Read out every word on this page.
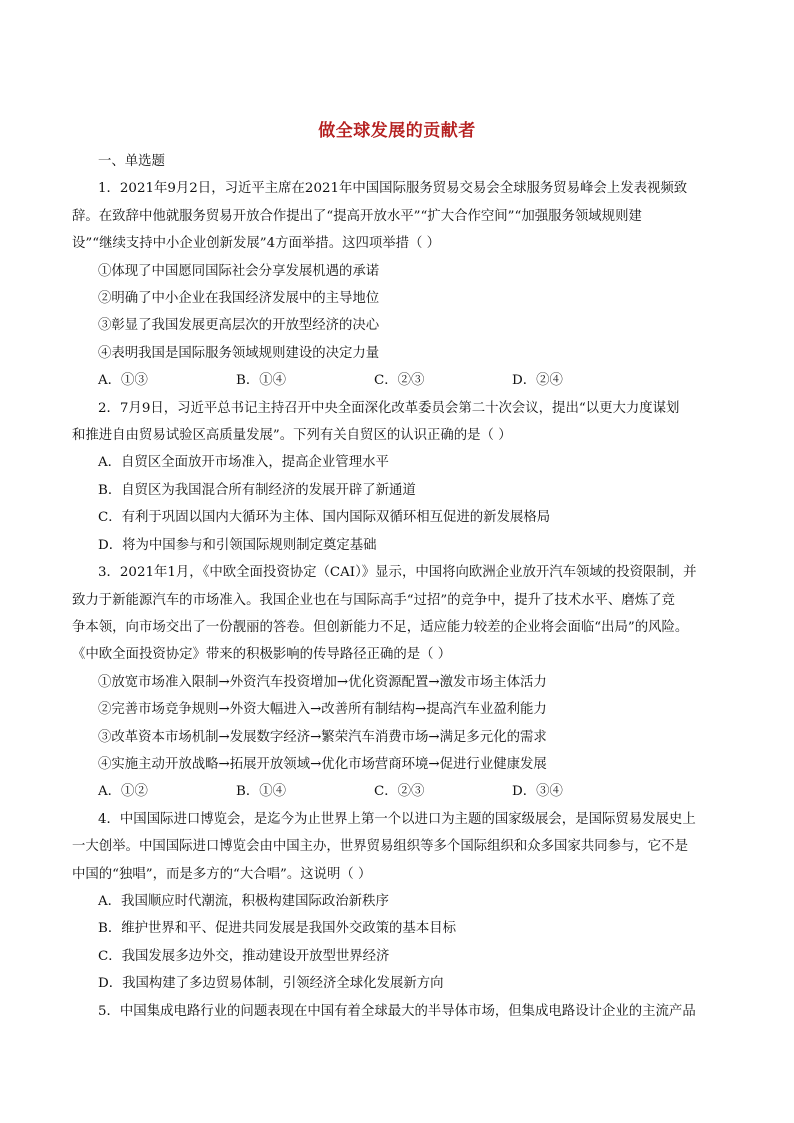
做全球发展的贡献者

一、单选题

1．2021年9月2日，习近平主席在2021年中国国际服务贸易交易会全球服务贸易峰会上发表视频致

辞。在致辞中他就服务贸易开放合作提出了“提高开放水平”“扩大合作空间”“加强服务领域规则建

设”“继续支持中小企业创新发展”4方面举措。这四项举措（ ）

①体现了中国愿同国际社会分享发展机遇的承诺

②明确了中小企业在我国经济发展中的主导地位

③彰显了我国发展更高层次的开放型经济的决心

④表明我国是国际服务领域规则建设的决定力量

A．①③	B．①④	C．②③	D．②④

2．7月9日，习近平总书记主持召开中央全面深化改革委员会第二十次会议，提出“以更大力度谋划

和推进自由贸易试验区高质量发展”。下列有关自贸区的认识正确的是（ ）

A．自贸区全面放开市场准入，提高企业管理水平

B．自贸区为我国混合所有制经济的发展开辟了新通道

C．有利于巩固以国内大循环为主体、国内国际双循环相互促进的新发展格局

D．将为中国参与和引领国际规则制定奠定基础

3．2021年1月，《中欧全面投资协定（CAI）》显示，中国将向欧洲企业放开汽车领域的投资限制，并

致力于新能源汽车的市场准入。我国企业也在与国际高手“过招”的竞争中，提升了技术水平、磨炼了竞

争本领，向市场交出了一份靓丽的答卷。但创新能力不足，适应能力较差的企业将会面临“出局”的风险。

《中欧全面投资协定》带来的积极影响的传导路径正确的是（ ）

①放宽市场准入限制→外资汽车投资增加→优化资源配置→激发市场主体活力

②完善市场竞争规则→外资大幅进入→改善所有制结构→提高汽车业盈利能力

③改革资本市场机制→发展数字经济→繁荣汽车消费市场→满足多元化的需求

④实施主动开放战略→拓展开放领域→优化市场营商环境→促进行业健康发展

A．①②	B．①④	C．②③	D．③④

4．中国国际进口博览会，是迄今为止世界上第一个以进口为主题的国家级展会，是国际贸易发展史上

一大创举。中国国际进口博览会由中国主办，世界贸易组织等多个国际组织和众多国家共同参与，它不是

中国的“独唱”，而是多方的“大合唱”。这说明（ ）

A．我国顺应时代潮流，积极构建国际政治新秩序

B．维护世界和平、促进共同发展是我国外交政策的基本目标

C．我国发展多边外交，推动建设开放型世界经济

D．我国构建了多边贸易体制，引领经济全球化发展新方向

5．中国集成电路行业的问题表现在中国有着全球最大的半导体市场，但集成电路设计企业的主流产品
